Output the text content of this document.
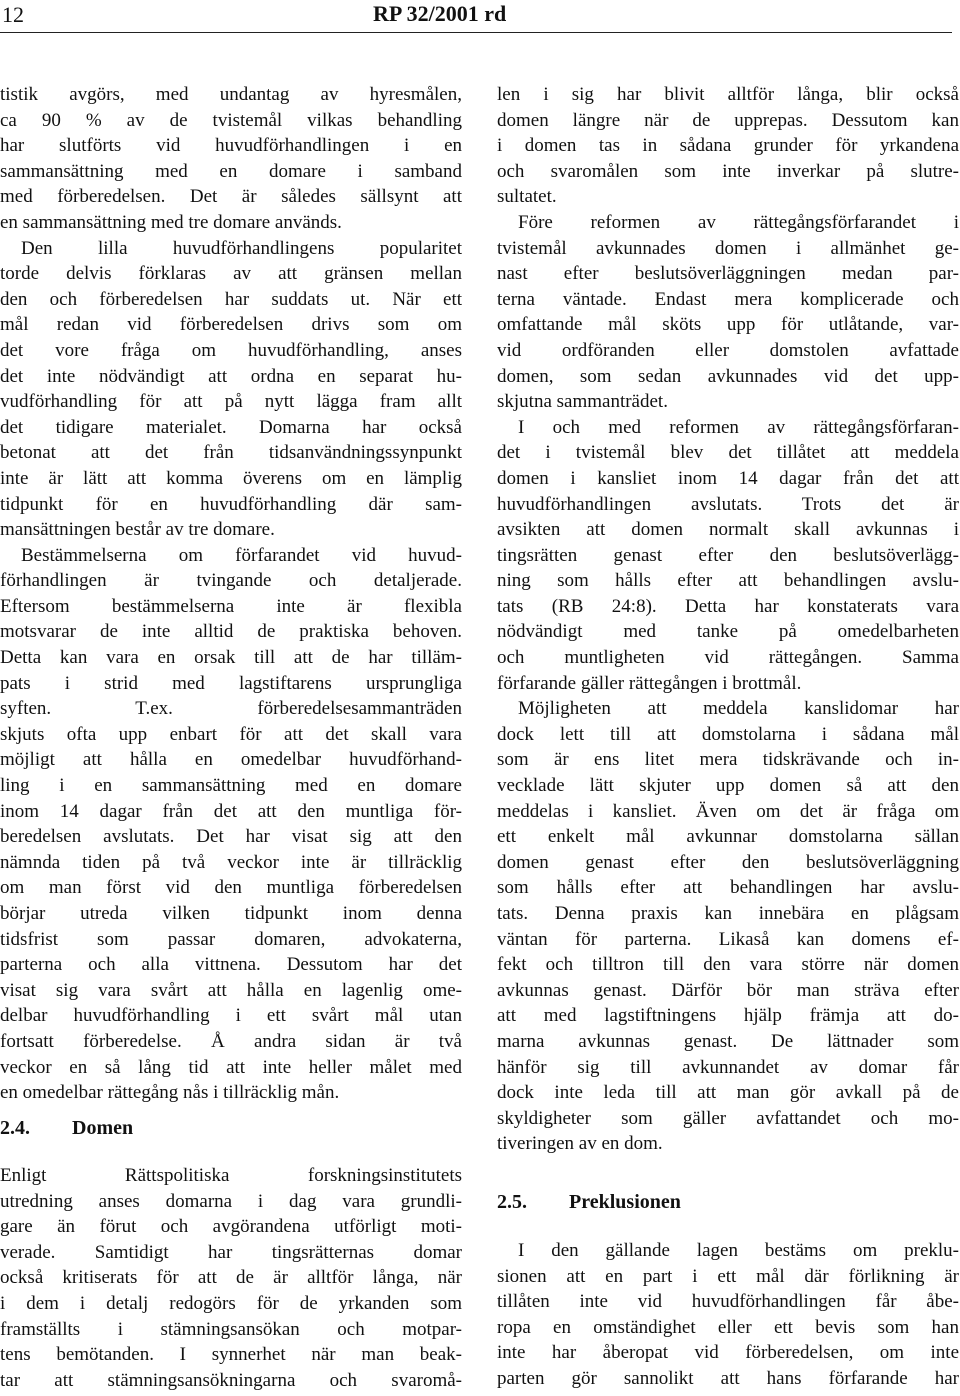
12	RP 32/2001 rd
tistik avgörs, med undantag av hyresmålen,
ca 90 % av de tvistemål vilkas behandling
har slutförts vid huvudförhandlingen i en
sammansättning med en domare i samband
med förberedelsen. Det är således sällsynt att
en sammansättning med tre domare används.
Den lilla huvudförhandlingens popularitet
torde delvis förklaras av att gränsen mellan
den och förberedelsen har suddats ut. När ett
mål redan vid förberedelsen drivs som om
det vore fråga om huvudförhandling, anses
det inte nödvändigt att ordna en separat hu-
vudförhandling för att på nytt lägga fram allt
det tidigare materialet. Domarna har också
betonat att det från tidsanvändningssynpunkt
inte är lätt att komma överens om en lämplig
tidpunkt för en huvudförhandling där sam-
mansättningen består av tre domare.
Bestämmelserna om förfarandet vid huvud-
förhandlingen är tvingande och detaljerade.
Eftersom bestämmelserna inte är flexibla
motsvarar de inte alltid de praktiska behoven.
Detta kan vara en orsak till att de har tilläm-
pats i strid med lagstiftarens ursprungliga
syften. T.ex. förberedelsesammanträden
skjuts ofta upp enbart för att det skall vara
möjligt att hålla en omedelbar huvudförhand-
ling i en sammansättning med en domare
inom 14 dagar från det att den muntliga för-
beredelsen avslutats. Det har visat sig att den
nämnda tiden på två veckor inte är tillräcklig
om man först vid den muntliga förberedelsen
börjar utreda vilken tidpunkt inom denna
tidsfrist som passar domaren, advokaterna,
parterna och alla vittnena. Dessutom har det
visat sig vara svårt att hålla en lagenlig ome-
delbar huvudförhandling i ett svårt mål utan
fortsatt förberedelse. Å andra sidan är två
veckor en så lång tid att inte heller målet med
en omedelbar rättegång nås i tillräcklig mån.
2.4. Domen
Enligt Rättspolitiska forskningsinstitutets
utredning anses domarna i dag vara grundli-
gare än förut och avgörandena utförligt moti-
verade. Samtidigt har tingsrätternas domar
också kritiserats för att de är alltför långa, när
i dem i detalj redogörs för de yrkanden som
framställts i stämningsansökan och motpar-
tens bemötanden. I synnerhet när man beak-
tar att stämningsansökningarna och svaromå-
len i sig har blivit alltför långa, blir också
domen längre när de upprepas. Dessutom kan
i domen tas in sådana grunder för yrkandena
och svaromålen som inte inverkar på slutre-
sultatet.
Före reformen av rättegångsförfarandet i
tvistemål avkunnades domen i allmänhet ge-
nast efter beslutsöverläggningen medan par-
terna väntade. Endast mera komplicerade och
omfattande mål sköts upp för utlåtande, var-
vid ordföranden eller domstolen avfattade
domen, som sedan avkunnades vid det upp-
skjutna sammanträdet.
I och med reformen av rättegångsförfaran-
det i tvistemål blev det tillåtet att meddela
domen i kansliet inom 14 dagar från det att
huvudförhandlingen avslutats. Trots det är
avsikten att domen normalt skall avkunnas i
tingsrätten genast efter den beslutsöverlägg-
ning som hålls efter att behandlingen avslu-
tats (RB 24:8). Detta har konstaterats vara
nödvändigt med tanke på omedelbarheten
och muntligheten vid rättegången. Samma
förfarande gäller rättegången i brottmål.
Möjligheten att meddela kanslidomar har
dock lett till att domstolarna i sådana mål
som är ens litet mera tidskrävande och in-
vecklade lätt skjuter upp domen så att den
meddelas i kansliet. Även om det är fråga om
ett enkelt mål avkunnar domstolarna sällan
domen genast efter den beslutsöverläggning
som hålls efter att behandlingen har avslu-
tats. Denna praxis kan innebära en plågsam
väntan för parterna. Likaså kan domens ef-
fekt och tilltron till den vara större när domen
avkunnas genast. Därför bör man sträva efter
att med lagstiftningens hjälp främja att do-
marna avkunnas genast. De lättnader som
hänför sig till avkunnandet av domar får
dock inte leda till att man gör avkall på de
skyldigheter som gäller avfattandet och mo-
tiveringen av en dom.
2.5. Preklusionen
I den gällande lagen bestäms om preklu-
sionen att en part i ett mål där förlikning är
tillåten inte vid huvudförhandlingen får åbe-
ropa en omständighet eller ett bevis som han
inte har åberopat vid förberedelsen, om inte
parten gör sannolikt att hans förfarande har
